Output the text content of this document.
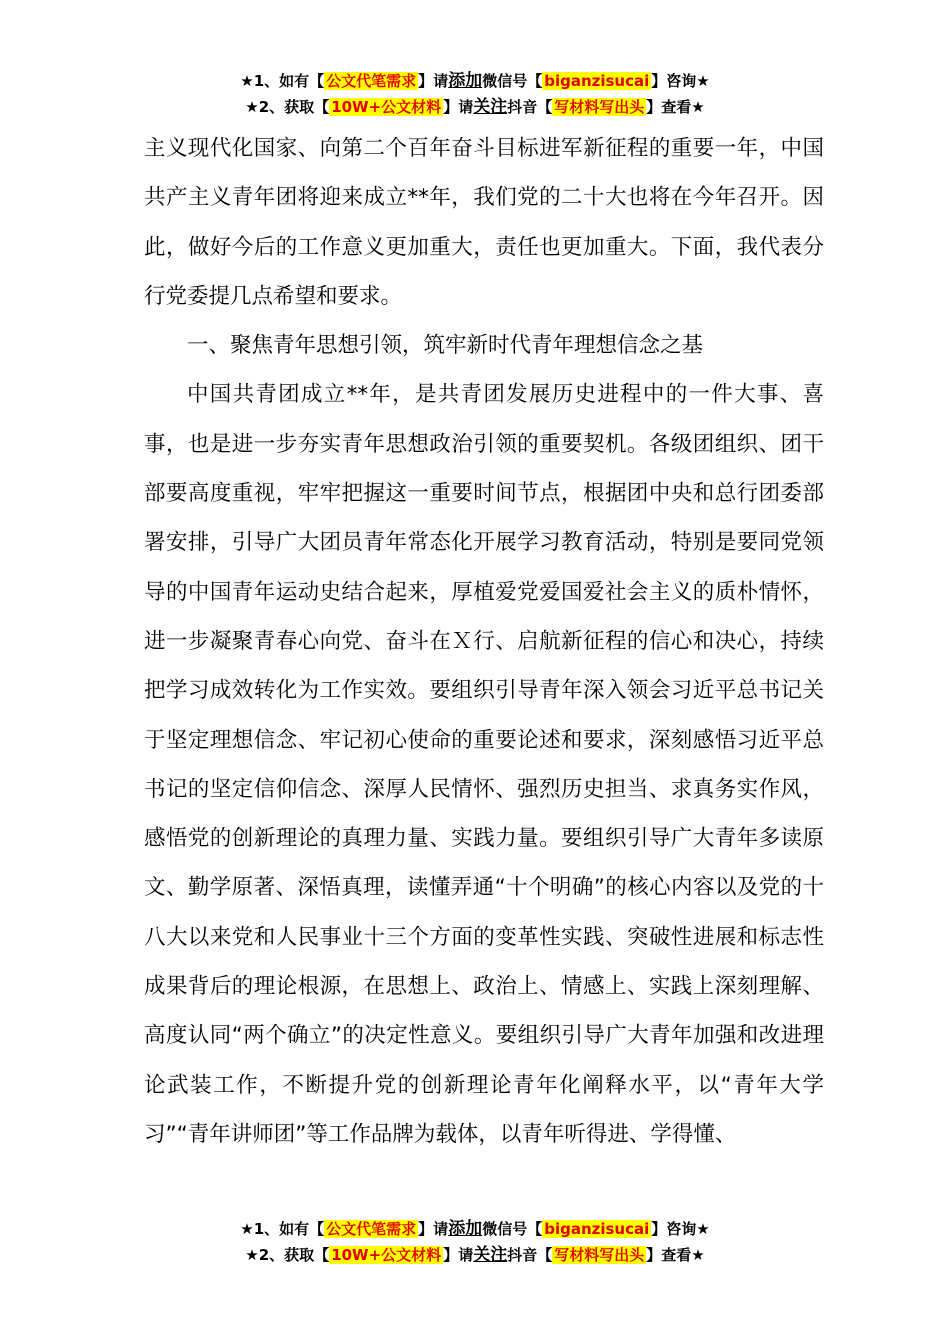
★1、如有【 公文代笔需求 】请添加微信号【 biganzisucai 】咨询★
★2、获取【 10W+公文材料 】请关注抖音【 写材料写出头 】查看★

主义现代化国家、向第二个百年奋斗目标进军新征程的重要一年，中国共产主义青年团将迎来成立**年，我们党的二十大也将在今年召开。因此，做好今后的工作意义更加重大，责任也更加重大。下面，我代表分行党委提几点希望和要求。

一、聚焦青年思想引领，筑牢新时代青年理想信念之基

中国共青团成立**年，是共青团发展历史进程中的一件大事、喜事，也是进一步夯实青年思想政治引领的重要契机。各级团组织、团干部要高度重视，牢牢把握这一重要时间节点，根据团中央和总行团委部署安排，引导广大团员青年常态化开展学习教育活动，特别是要同党领导的中国青年运动史结合起来，厚植爱党爱国爱社会主义的质朴情怀，进一步凝聚青春心向党、奋斗在Ｘ行、启航新征程的信心和决心，持续把学习成效转化为工作实效。要组织引导青年深入领会习近平总书记关于坚定理想信念、牢记初心使命的重要论述和要求，深刻感悟习近平总书记的坚定信仰信念、深厚人民情怀、强烈历史担当、求真务实作风，感悟党的创新理论的真理力量、实践力量。要组织引导广大青年多读原文、勤学原著、深悟真理，读懂弄通“十个明确”的核心内容以及党的十八大以来党和人民事业十三个方面的变革性实践、突破性进展和标志性成果背后的理论根源，在思想上、政治上、情感上、实践上深刻理解、高度认同“两个确立”的决定性意义。要组织引导广大青年加强和改进理论武装工作，不断提升党的创新理论青年化阐释水平，以“青年大学习”“青年讲师团”等工作品牌为载体，以青年听得进、学得懂、

★1、如有【 公文代笔需求 】请添加微信号【 biganzisucai 】咨询★
★2、获取【 10W+公文材料 】请关注抖音【 写材料写出头 】查看★
